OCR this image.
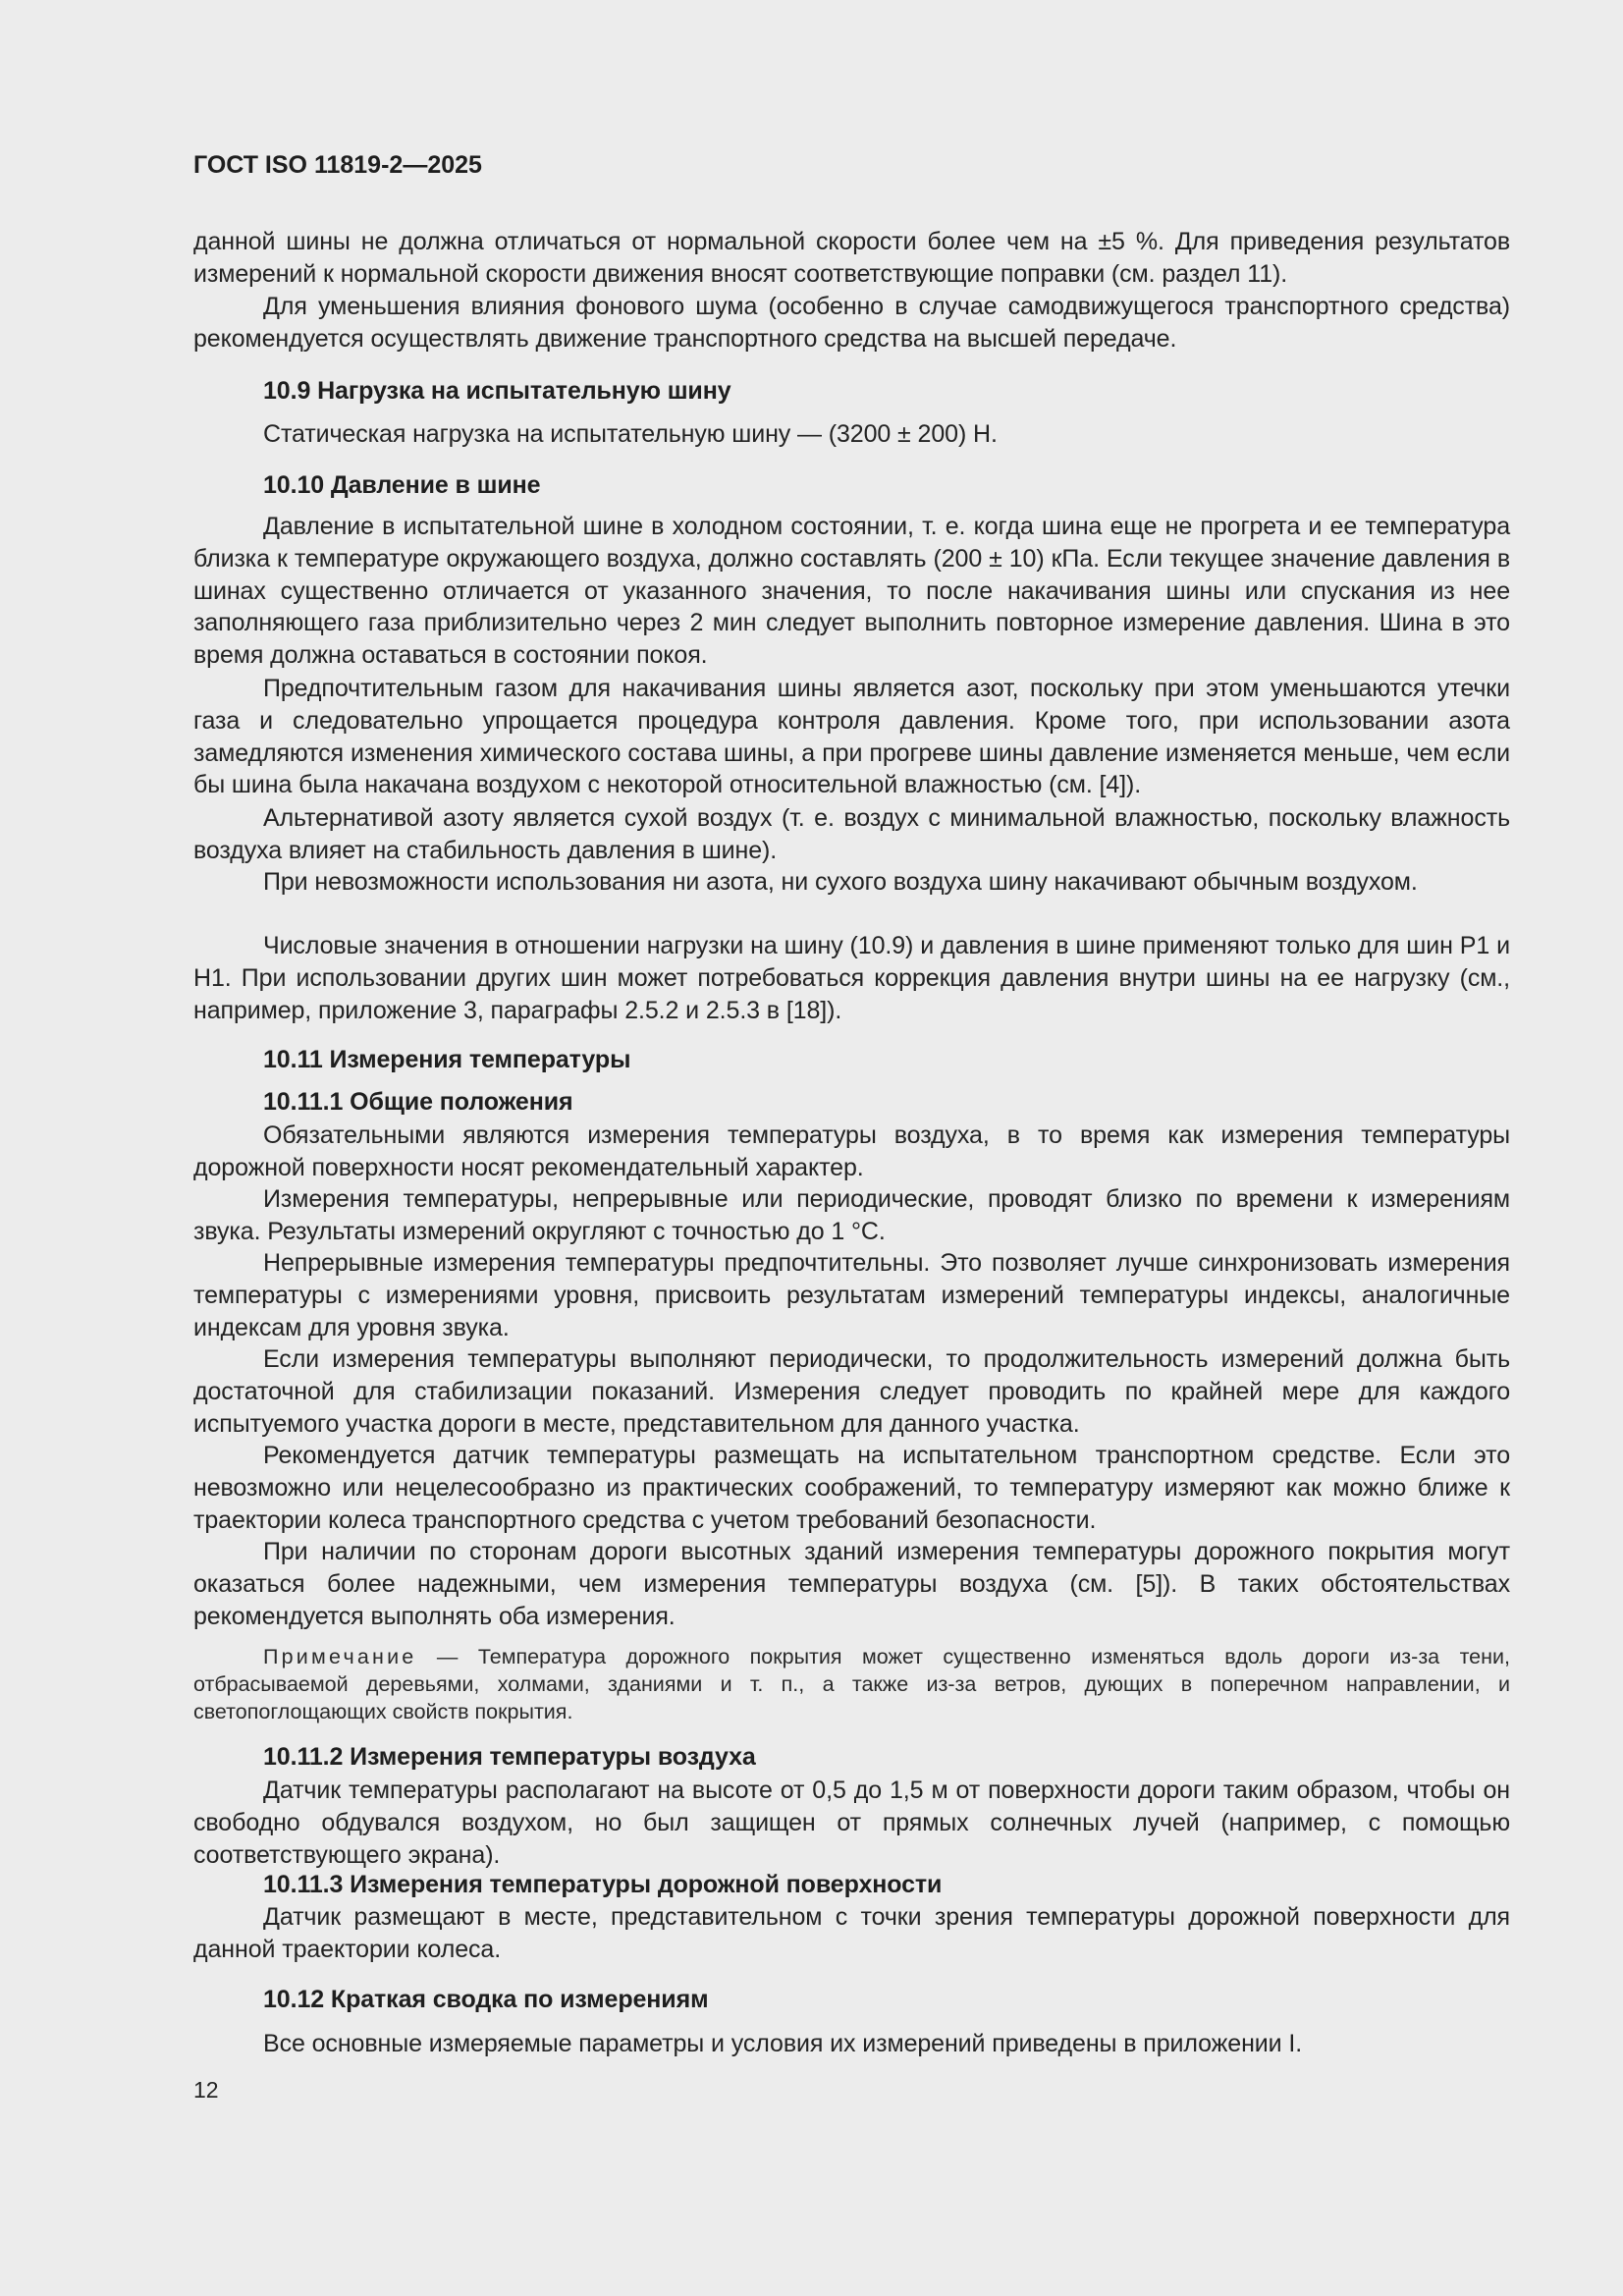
ГОСТ ISO 11819-2—2025
данной шины не должна отличаться от нормальной скорости более чем на ±5 %. Для приведения результатов измерений к нормальной скорости движения вносят соответствующие поправки (см. раздел 11).
Для уменьшения влияния фонового шума (особенно в случае самодвижущегося транспортного средства) рекомендуется осуществлять движение транспортного средства на высшей передаче.
10.9 Нагрузка на испытательную шину
Статическая нагрузка на испытательную шину — (3200 ± 200) Н.
10.10 Давление в шине
Давление в испытательной шине в холодном состоянии, т. е. когда шина еще не прогрета и ее температура близка к температуре окружающего воздуха, должно составлять (200 ± 10) кПа. Если текущее значение давления в шинах существенно отличается от указанного значения, то после накачивания шины или спускания из нее заполняющего газа приблизительно через 2 мин следует выполнить повторное измерение давления. Шина в это время должна оставаться в состоянии покоя.
Предпочтительным газом для накачивания шины является азот, поскольку при этом уменьшаются утечки газа и следовательно упрощается процедура контроля давления. Кроме того, при использовании азота замедляются изменения химического состава шины, а при прогреве шины давление изменяется меньше, чем если бы шина была накачана воздухом с некоторой относительной влажностью (см. [4]).
Альтернативой азоту является сухой воздух (т. е. воздух с минимальной влажностью, поскольку влажность воздуха влияет на стабильность давления в шине).
При невозможности использования ни азота, ни сухого воздуха шину накачивают обычным воздухом.
Числовые значения в отношении нагрузки на шину (10.9) и давления в шине применяют только для шин P1 и H1. При использовании других шин может потребоваться коррекция давления внутри шины на ее нагрузку (см., например, приложение 3, параграфы 2.5.2 и 2.5.3 в [18]).
10.11 Измерения температуры
10.11.1 Общие положения
Обязательными являются измерения температуры воздуха, в то время как измерения температуры дорожной поверхности носят рекомендательный характер.
Измерения температуры, непрерывные или периодические, проводят близко по времени к измерениям звука. Результаты измерений округляют с точностью до 1 °С.
Непрерывные измерения температуры предпочтительны. Это позволяет лучше синхронизовать измерения температуры с измерениями уровня, присвоить результатам измерений температуры индексы, аналогичные индексам для уровня звука.
Если измерения температуры выполняют периодически, то продолжительность измерений должна быть достаточной для стабилизации показаний. Измерения следует проводить по крайней мере для каждого испытуемого участка дороги в месте, представительном для данного участка.
Рекомендуется датчик температуры размещать на испытательном транспортном средстве. Если это невозможно или нецелесообразно из практических соображений, то температуру измеряют как можно ближе к траектории колеса транспортного средства с учетом требований безопасности.
При наличии по сторонам дороги высотных зданий измерения температуры дорожного покрытия могут оказаться более надежными, чем измерения температуры воздуха (см. [5]). В таких обстоятельствах рекомендуется выполнять оба измерения.
Примечание — Температура дорожного покрытия может существенно изменяться вдоль дороги из-за тени, отбрасываемой деревьями, холмами, зданиями и т. п., а также из-за ветров, дующих в поперечном направлении, и светопоглощающих свойств покрытия.
10.11.2 Измерения температуры воздуха
Датчик температуры располагают на высоте от 0,5 до 1,5 м от поверхности дороги таким образом, чтобы он свободно обдувался воздухом, но был защищен от прямых солнечных лучей (например, с помощью соответствующего экрана).
10.11.3 Измерения температуры дорожной поверхности
Датчик размещают в месте, представительном с точки зрения температуры дорожной поверхности для данной траектории колеса.
10.12 Краткая сводка по измерениям
Все основные измеряемые параметры и условия их измерений приведены в приложении I.
12
